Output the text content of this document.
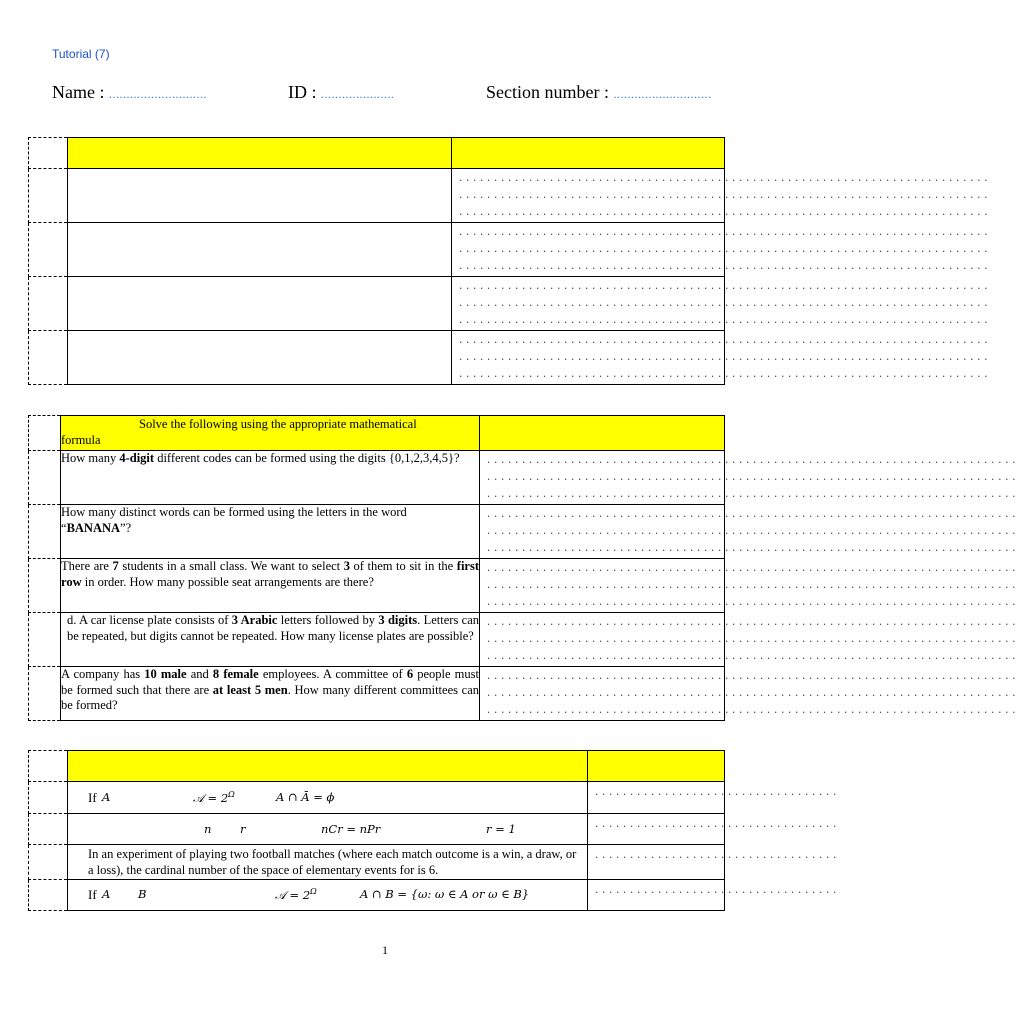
Tutorial (7)
Name : ............................	ID : .....................	Section number : ............................

		............................................................................
............................................................................
............................................................................

		............................................................................
............................................................................
............................................................................

		............................................................................
............................................................................
............................................................................

		............................................................................
............................................................................
............................................................................

	Solve the following using the appropriate mathematical
formula	
	How many 4-digit different codes can be formed using the digits {0,1,2,3,4,5}?	............................................................................
............................................................................
............................................................................

	How many distinct words can be formed using the letters in the word “BANANA”?	............................................................................
............................................................................
............................................................................

	There are 7 students in a small class. We want to select 3 of them to sit in the first row in order. How many possible seat arrangements are there?	............................................................................
............................................................................
............................................................................

	d. A car license plate consists of 3 Arabic letters followed by 3 digits. Letters can be repeated, but digits cannot be repeated. How many license plates are possible?	............................................................................
............................................................................
............................................................................

	A company has 10 male and 8 female employees. A committee of 6 people must be formed such that there are at least 5 men. How many different committees can be formed?	............................................................................
............................................................................
............................................................................

	If A 𝒜 = $2^\Omega$ A ∩ Ā = ϕ	...................................

	n r nCr = nPr r = 1	...................................

	In an experiment of playing two football matches (where each match outcome is a win, a draw, or a loss), the cardinal number of the space of elementary events for is 6.	...................................

	If A B 𝒜 = $2^\Omega$ A ∩ B = {ω: ω ∈ A or ω ∈ B}	...................................
1
